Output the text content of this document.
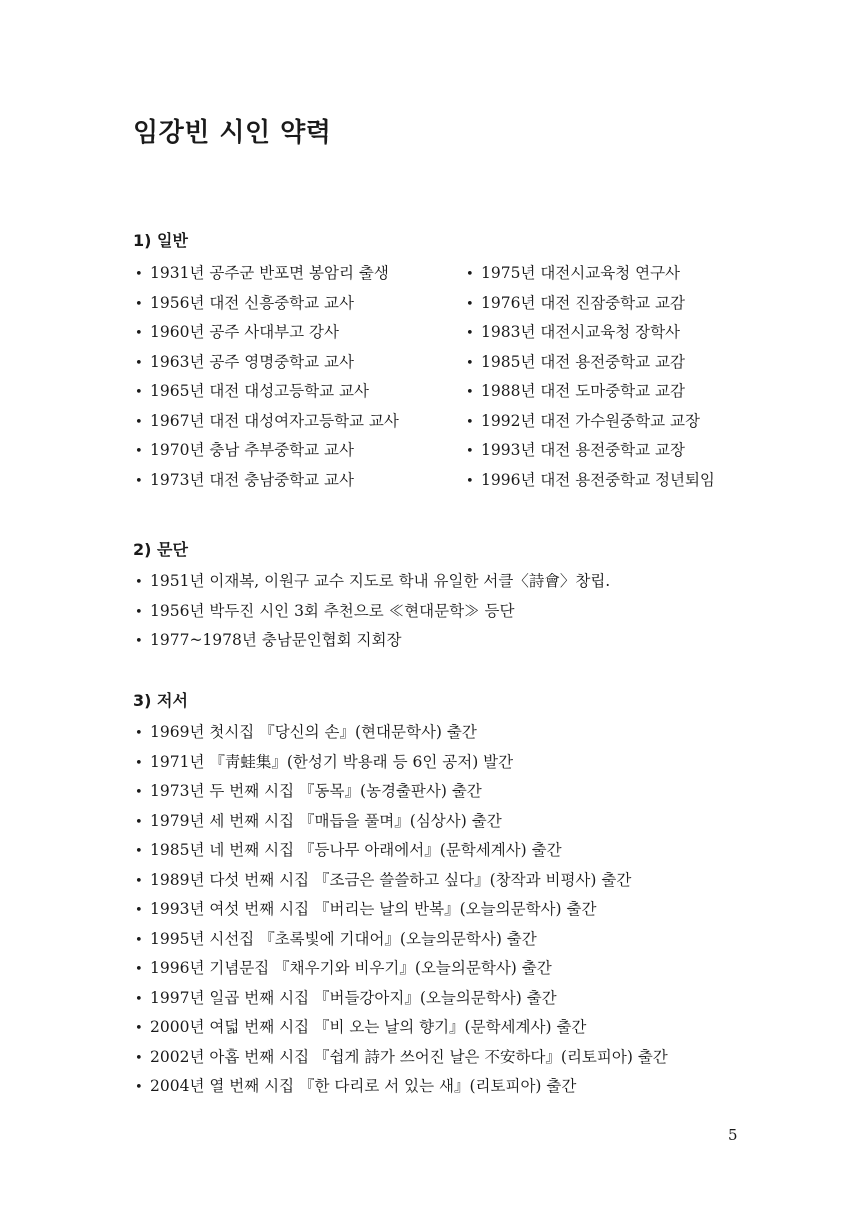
임강빈 시인 약력
1) 일반
• 1931년 공주군 반포면 봉암리 출생
• 1956년 대전 신흥중학교 교사
• 1960년 공주 사대부고 강사
• 1963년 공주 영명중학교 교사
• 1965년 대전 대성고등학교 교사
• 1967년 대전 대성여자고등학교 교사
• 1970년 충남 추부중학교 교사
• 1973년 대전 충남중학교 교사
• 1975년 대전시교육청 연구사
• 1976년 대전 진잠중학교 교감
• 1983년 대전시교육청 장학사
• 1985년 대전 용전중학교 교감
• 1988년 대전 도마중학교 교감
• 1992년 대전 가수원중학교 교장
• 1993년 대전 용전중학교 교장
• 1996년 대전 용전중학교 정년퇴임
2) 문단
• 1951년 이재복, 이원구 교수 지도로 학내 유일한 서클〈詩會〉창립.
• 1956년 박두진 시인 3회 추천으로 ≪현대문학≫ 등단
• 1977~1978년 충남문인협회 지회장
3) 저서
• 1969년 첫시집 『당신의 손』(현대문학사) 출간
• 1971년 『靑蛙集』(한성기 박용래 등 6인 공저) 발간
• 1973년 두 번째 시집 『동목』(농경출판사) 출간
• 1979년 세 번째 시집 『매듭을 풀며』(심상사) 출간
• 1985년 네 번째 시집 『등나무 아래에서』(문학세계사) 출간
• 1989년 다섯 번째 시집 『조금은 쓸쓸하고 싶다』(창작과 비평사) 출간
• 1993년 여섯 번째 시집 『버리는 날의 반복』(오늘의문학사) 출간
• 1995년 시선집 『초록빛에 기대어』(오늘의문학사) 출간
• 1996년 기념문집 『채우기와 비우기』(오늘의문학사) 출간
• 1997년 일곱 번째 시집 『버들강아지』(오늘의문학사) 출간
• 2000년 여덟 번째 시집 『비 오는 날의 향기』(문학세계사) 출간
• 2002년 아홉 번째 시집 『쉽게 詩가 쓰어진 날은 不安하다』(리토피아) 출간
• 2004년 열 번째 시집 『한 다리로 서 있는 새』(리토피아) 출간
5
